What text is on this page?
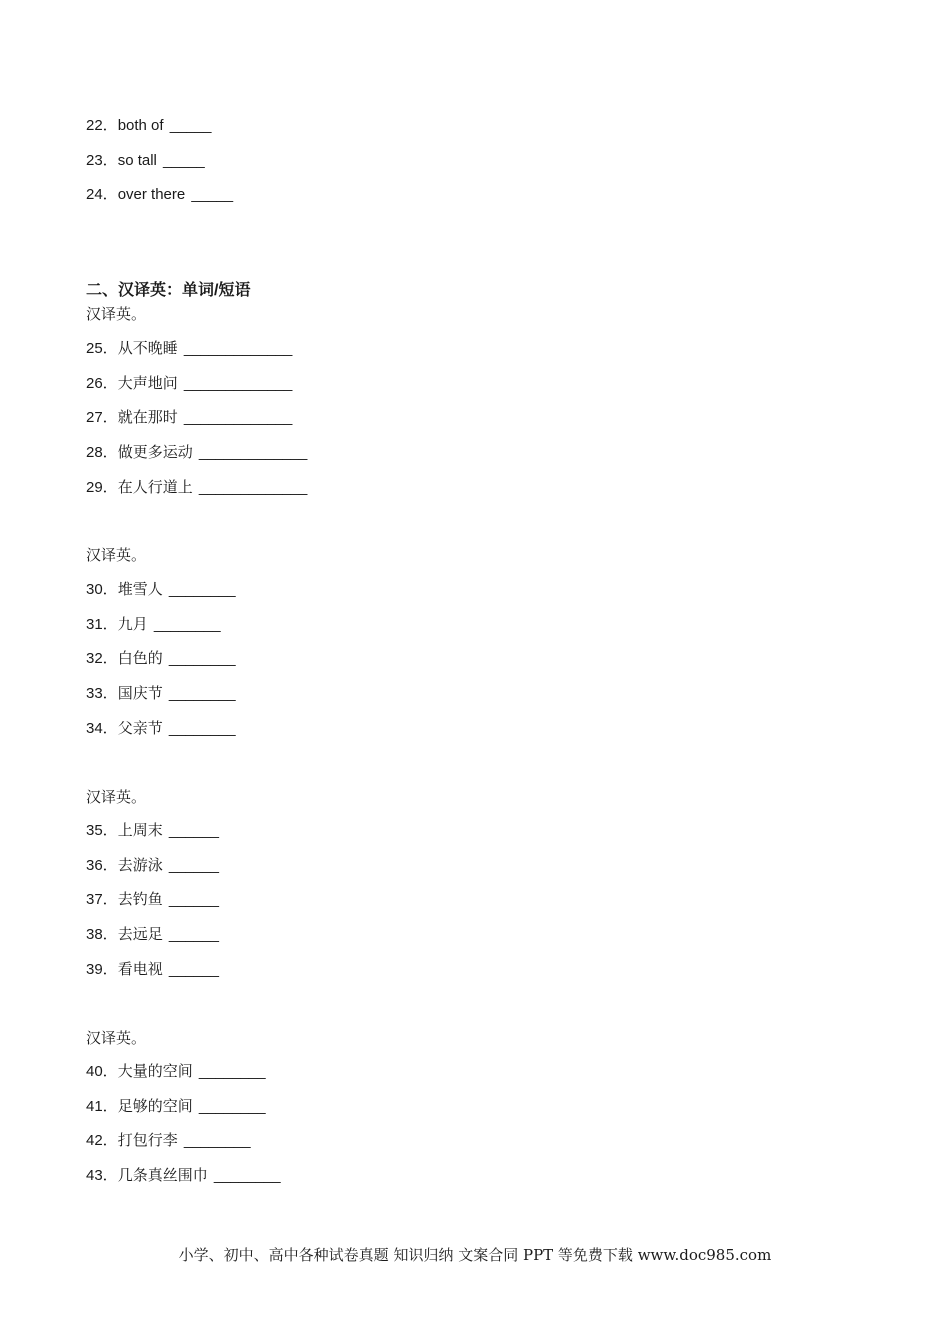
22．both of _____
23．so tall _____
24．over there _____
二、汉译英：单词/短语
汉译英。
25．从不晚睡 _____________
26．大声地问 _____________
27．就在那时 _____________
28．做更多运动 _____________
29．在人行道上 _____________
汉译英。
30．堆雪人 ________
31．九月 ________
32．白色的 ________
33．国庆节 ________
34．父亲节 ________
汉译英。
35．上周末 ______
36．去游泳 ______
37．去钓鱼 ______
38．去远足 ______
39．看电视 ______
汉译英。
40．大量的空间 ________
41．足够的空间 ________
42．打包行李 ________
43．几条真丝围巾 ________
小学、初中、高中各种试卷真题 知识归纳 文案合同 PPT 等免费下载 www.doc985.com
